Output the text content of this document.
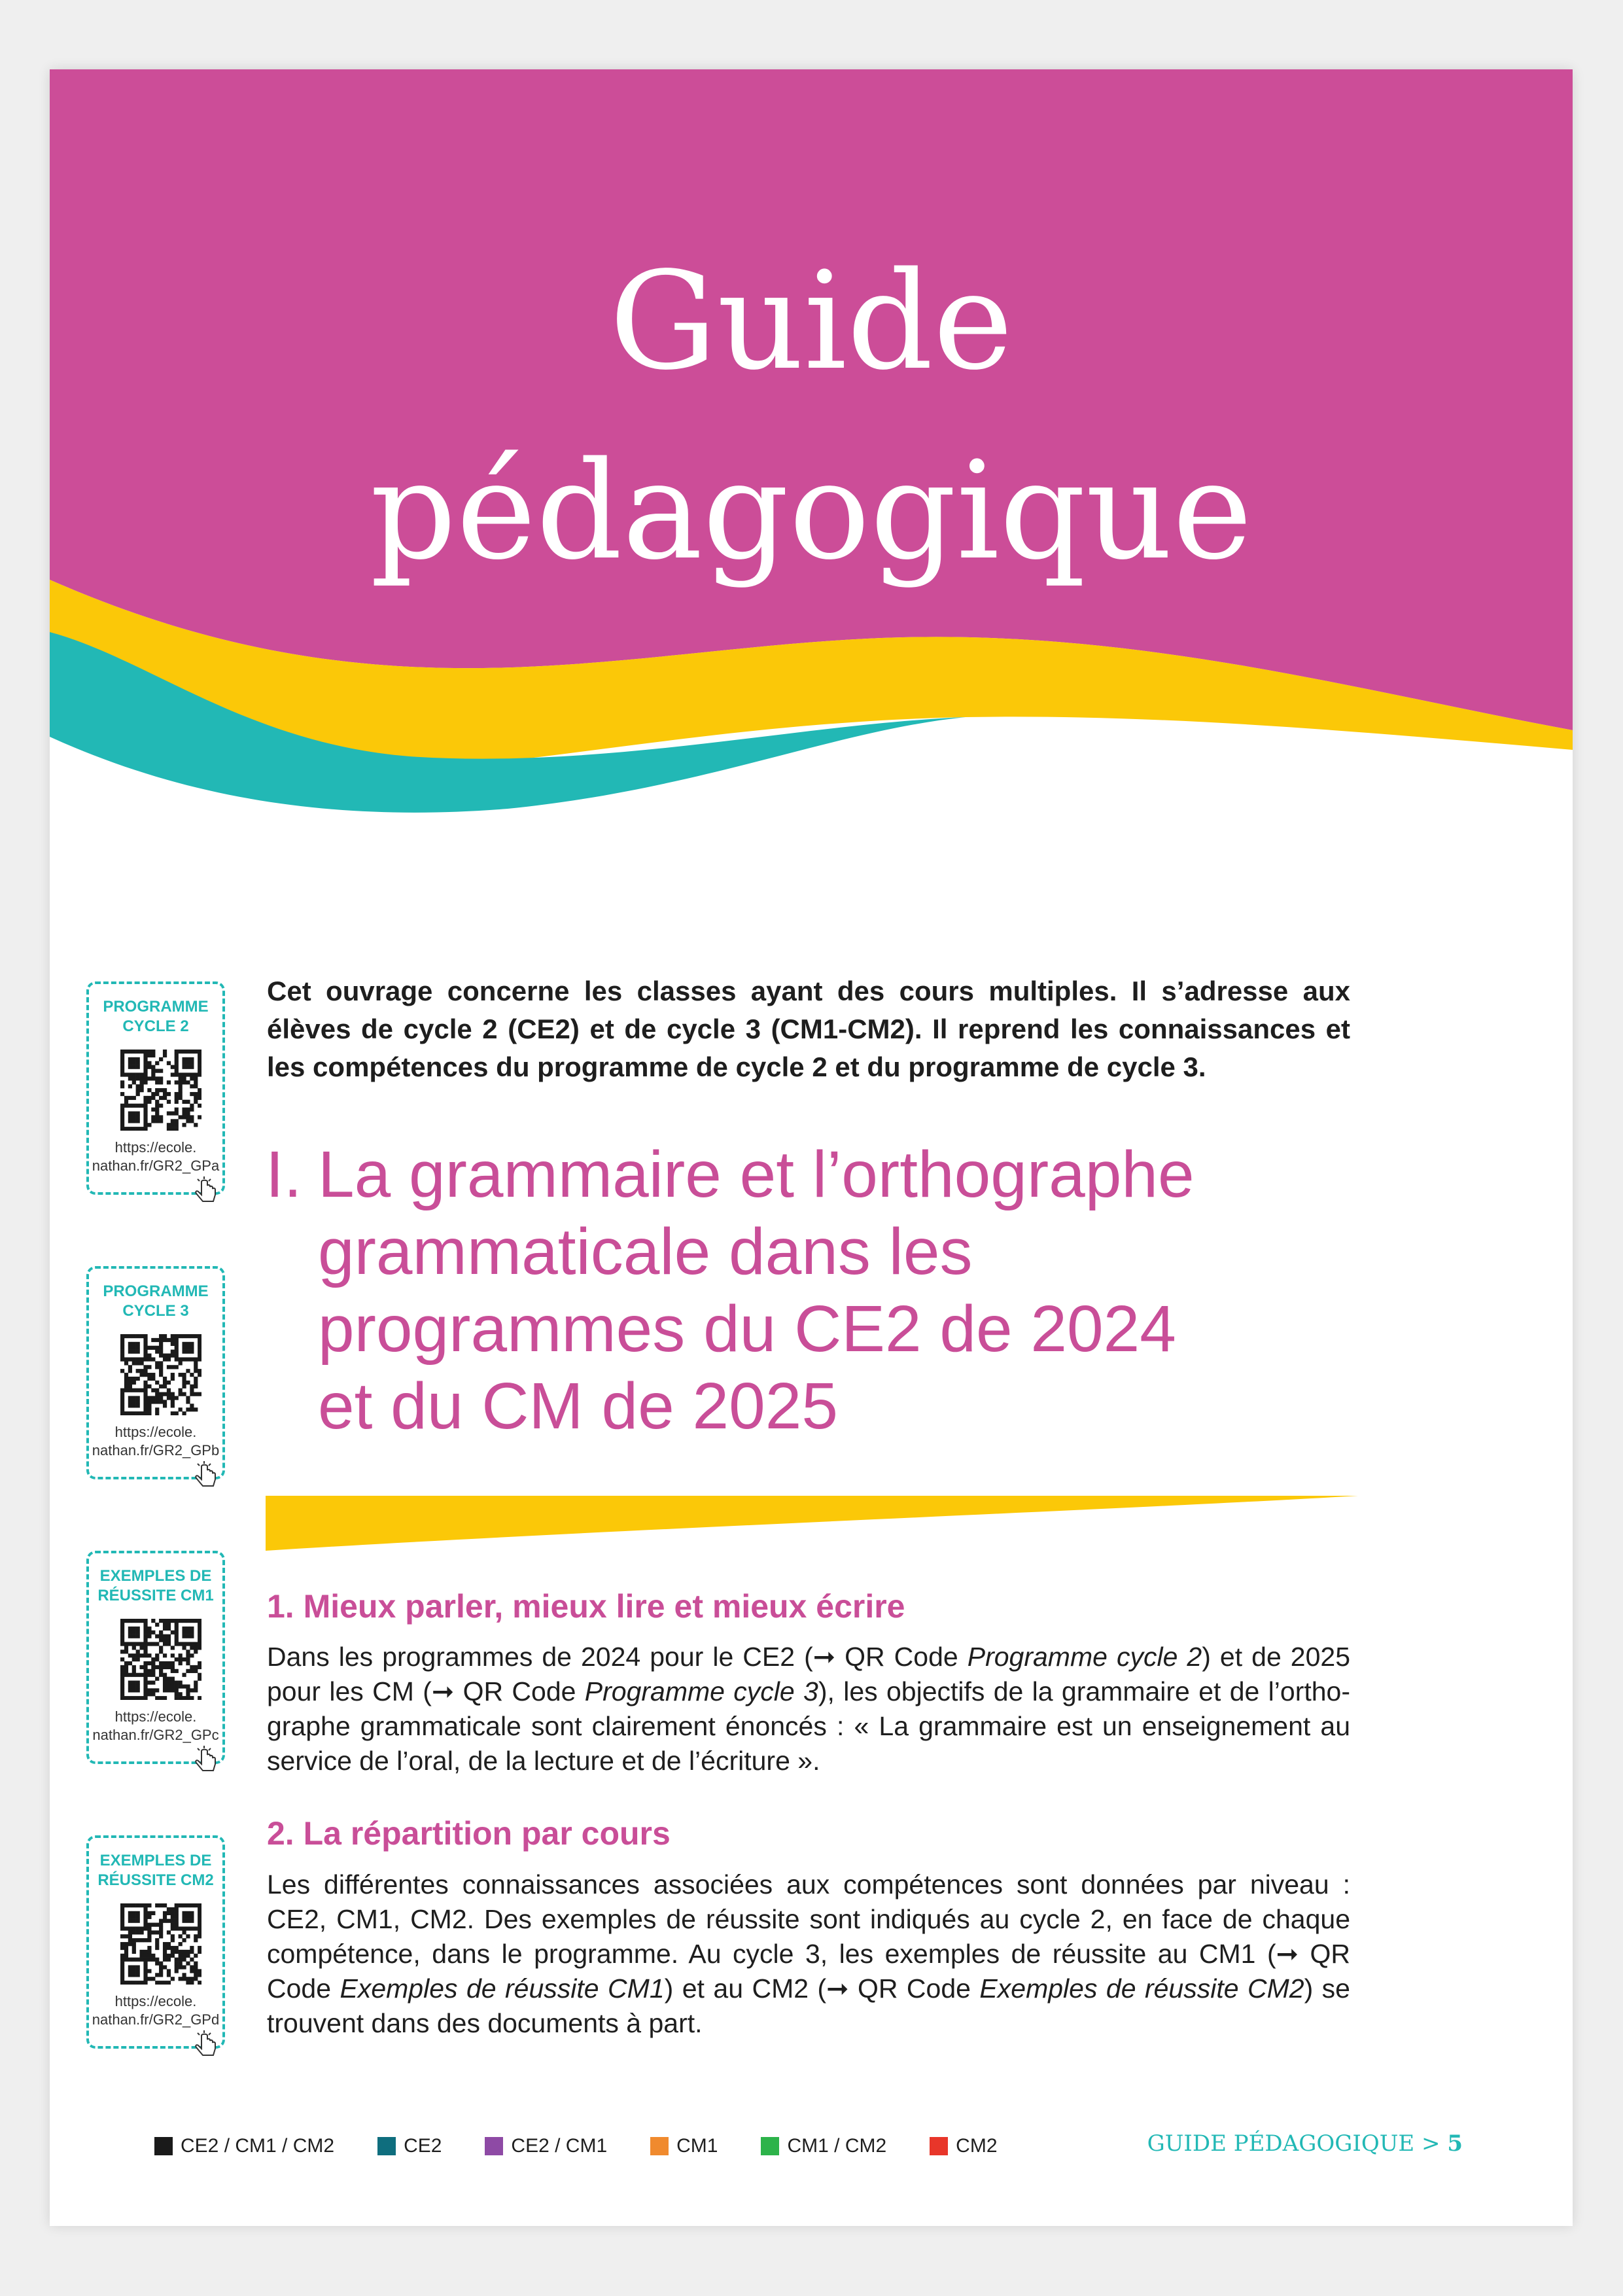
Guide
pédagogique
PROGRAMME
CYCLE 2
https://ecole.
nathan.fr/GR2_GPa
PROGRAMME
CYCLE 3
https://ecole.
nathan.fr/GR2_GPb
EXEMPLES DE
RÉUSSITE CM1
https://ecole.
nathan.fr/GR2_GPc
EXEMPLES DE
RÉUSSITE CM2
https://ecole.
nathan.fr/GR2_GPd

Cet ouvrage concerne les classes ayant des cours multiples. Il s’adresse aux élèves de cycle 2 (CE2) et de cycle 3 (CM1-CM2). Il reprend les connaissances et les compétences du programme de cycle 2 et du programme de cycle 3.

I. La grammaire et l’orthographe
grammaticale dans les
programmes du CE2 de 2024
et du CM de 2025
1. Mieux parler, mieux lire et mieux écrire

Dans les programmes de 2024 pour le CE2 (➞ QR Code Programme cycle 2) et de 2025 pour les CM (➞ QR Code Programme cycle 3), les objectifs de la grammaire et de l’orthographe grammaticale sont clairement énoncés : « La grammaire est un enseignement au service de l’oral, de la lecture et de l’écriture ».

2. La répartition par cours

Les différentes connaissances associées aux compétences sont données par niveau : CE2, CM1, CM2. Des exemples de réussite sont indiqués au cycle 2, en face de chaque compétence, dans le programme. Au cycle 3, les exemples de réussite au CM1 (➞ QR Code Exemples de réussite CM1) et au CM2 (➞ QR Code Exemples de réussite CM2) se trouvent dans des documents à part.

CE2 / CM1 / CM2	CE2	CE2 / CM1	CM1	CM1 / CM2	CM2	GUIDE PÉDAGOGIQUE > 5
